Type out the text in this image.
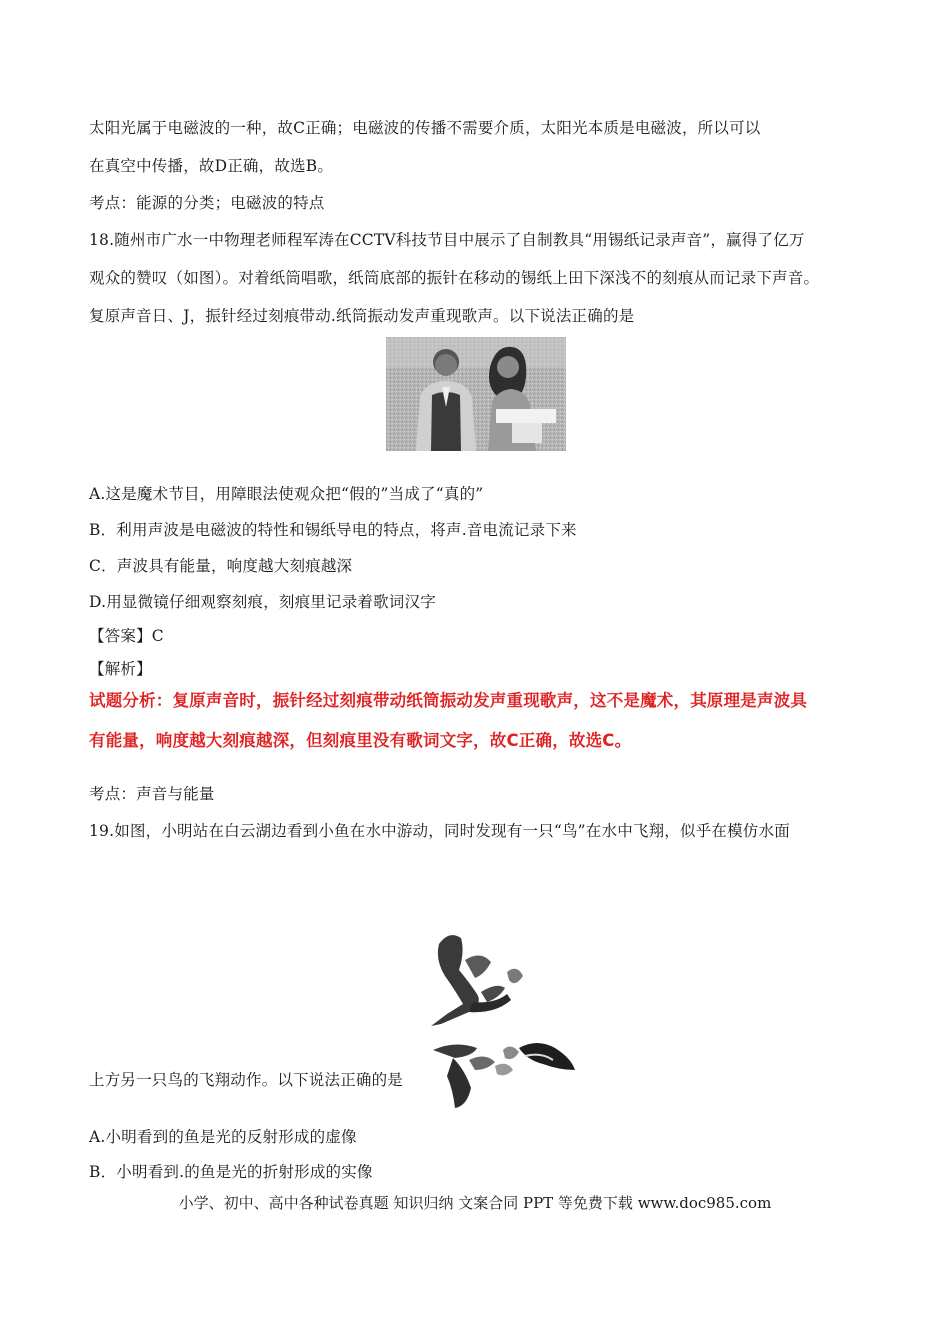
太阳光属于电磁波的一种，故C正确；电磁波的传播不需要介质，太阳光本质是电磁波，所以可以
在真空中传播，故D正确，故选B。
考点：能源的分类；电磁波的特点
18.随州市广水一中物理老师程军涛在CCTV科技节目中展示了自制教具“用锡纸记录声音”，赢得了亿万
观众的赞叹（如图）。对着纸筒唱歌，纸筒底部的振针在移动的锡纸上田下深浅不的刻痕从而记录下声音。
复原声音日、J，振针经过刻痕带动.纸筒振动发声重现歌声。以下说法正确的是
A.这是魔术节目，用障眼法使观众把“假的”当成了“真的”
B．利用声波是电磁波的特性和锡纸导电的特点，将声.音电流记录下来
C．声波具有能量，响度越大刻痕越深
D.用显微镜仔细观察刻痕，刻痕里记录着歌词汉字
【答案】C
【解析】
试题分析：复原声音时，振针经过刻痕带动纸筒振动发声重现歌声，这不是魔术，其原理是声波具
有能量，响度越大刻痕越深，但刻痕里没有歌词文字，故C正确，故选C。
考点：声音与能量
19.如图，小明站在白云湖边看到小鱼在水中游动，同时发现有一只“鸟”在水中飞翔，似乎在模仿水面
上方另一只鸟的飞翔动作。以下说法正确的是
A.小明看到的鱼是光的反射形成的虚像
B．小明看到.的鱼是光的折射形成的实像
小学、初中、高中各种试卷真题 知识归纳 文案合同 PPT 等免费下载 www.doc985.com
